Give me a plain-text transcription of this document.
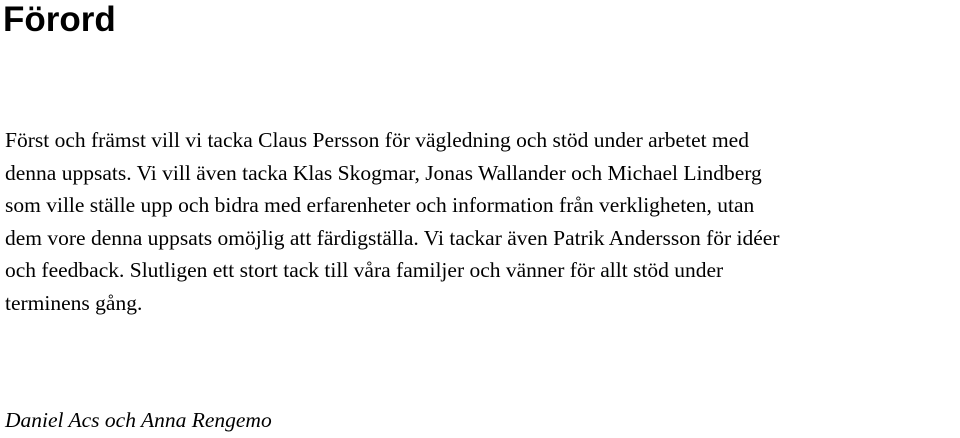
Förord

Först och främst vill vi tacka Claus Persson för vägledning och stöd under arbetet med
denna uppsats. Vi vill även tacka Klas Skogmar, Jonas Wallander och Michael Lindberg
som ville ställe upp och bidra med erfarenheter och information från verkligheten, utan
dem vore denna uppsats omöjlig att färdigställa. Vi tackar även Patrik Andersson för idéer
och feedback. Slutligen ett stort tack till våra familjer och vänner för allt stöd under
terminens gång.

Daniel Acs och Anna Rengemo
